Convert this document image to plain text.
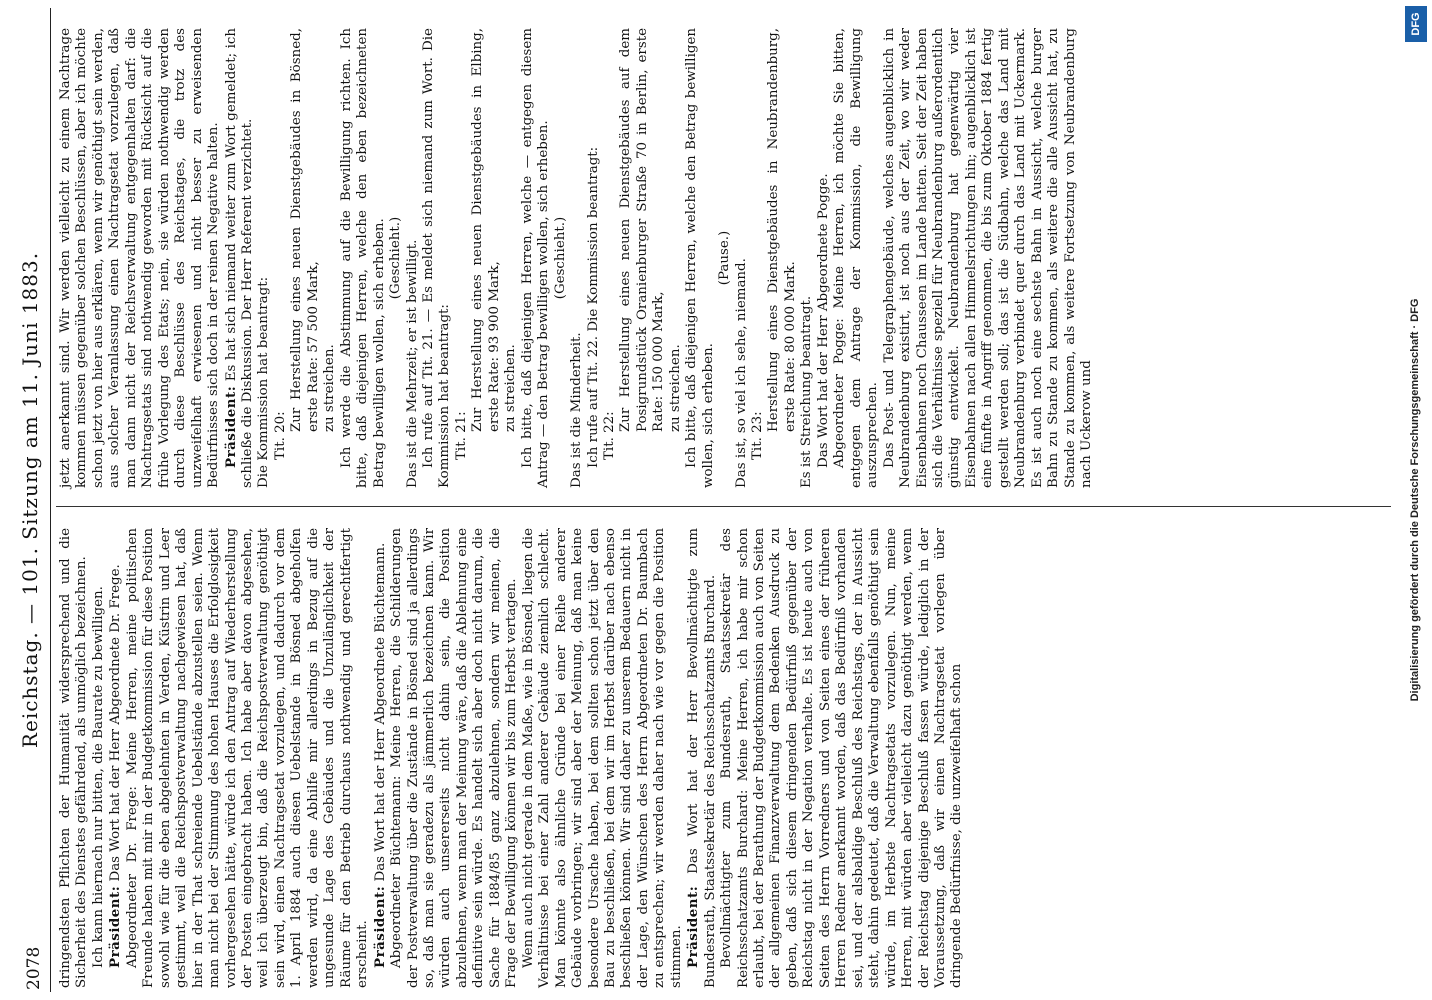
2078
Reichstag. — 101. Sitzung am 11. Juni 1883.

dringendsten Pflichten der Humanität widersprechend und die Sicherheit des Dienstes gefährdend, als unmöglich bezeichnen. Ich kann hiernach nur bitten, die Baurate zu bewilligen. Präsident: Das Wort hat der Herr Abgeordnete Dr. Frege. Abgeordneter Dr. Frege: Meine Herren, meine politischen Freunde haben mit mir in der Budgetkommission für diese Position sowohl wie für die eben abgelehnten in Verden, Küstrin und Leer gestimmt, weil die Reichspostverwaltung nachgewiesen hat, daß hier in der That schreiende Uebelstände abzustellen seien. Wenn man nicht bei der Stimmung des hohen Hauses die Erfolglosigkeit vorhergesehen hätte, würde ich den Antrag auf Wiederherstellung der Posten eingebracht haben. Ich habe aber davon abgesehen, weil ich überzeugt bin, daß die Reichspostverwaltung genöthigt sein wird, einen Nachtragsetat vorzulegen, und dadurch vor dem 1. April 1884 auch diesen Uebelstande in Bösned abgeholfen werden wird, da eine Abhilfe mir allerdings in Bezug auf die ungesunde Lage des Gebäudes und die Unzulänglichkeit der Räume für den Betrieb durchaus nothwendig und gerechtfertigt erscheint. Präsident: Das Wort hat der Herr Abgeordnete Büchtemann. Abgeordneter Büchtemann: Meine Herren, die Schilderungen der Postverwaltung über die Zustände in Bösned sind ja allerdings so, daß man sie geradezu als jämmerlich bezeichnen kann. Wir würden auch unsererseits nicht dahin sein, die Position abzulehnen, wenn man der Meinung wäre, daß die Ablehnung eine definitive sein würde. Es handelt sich aber doch nicht darum, die Sache für 1884/85 ganz abzulehnen, sondern wir meinen, die Frage der Bewilligung können wir bis zum Herbst vertagen. Wenn auch nicht gerade in dem Maße, wie in Bösned, liegen die Verhältnisse bei einer Zahl anderer Gebäude ziemlich schlecht. Man könnte also ähnliche Gründe bei einer Reihe anderer Gebäude vorbringen; wir sind aber der Meinung, daß man keine besondere Ursache haben, bei dem sollten schon jetzt über den Bau zu beschließen, bei dem wir im Herbst darüber nach ebenso beschließen können. Wir sind daher zu unserem Bedauern nicht in der Lage, den Wünschen des Herrn Abgeordneten Dr. Baumbach zu entsprechen; wir werden daher nach wie vor gegen die Position stimmen. Präsident: Das Wort hat der Herr Bevollmächtigte zum Bundesrath, Staatssekretär des Reichsschatzamts Burchard. Bevollmächtigter zum Bundesrath, Staatssekretär des Reichsschatzamts Burchard: Meine Herren, ich habe mir schon erlaubt, bei der Berathung der Budgetkommission auch von Seiten der allgemeinen Finanzverwaltung dem Bedenken Ausdruck zu geben, daß sich diesem dringenden Bedürfniß gegenüber der Reichstag nicht in der Negation verhalte. Es ist heute auch von Seiten des Herrn Vorredners und von Seiten eines der früheren Herren Redner anerkannt worden, daß das Bedürfniß vorhanden sei, und der alsbaldige Beschluß des Reichstags, der in Aussicht steht, dahin gedeutet, daß die Verwaltung ebenfalls genöthigt sein würde, im Herbste Nachtragsetats vorzulegen. Nun, meine Herren, mit würden aber vielleicht dazu genöthigt werden, wenn der Reichstag diejenige Beschluß fassen würde, lediglich in der Voraussetzung, daß wir einen Nachtragsetat vorlegen über dringende Bedürfnisse, die unzweifelhaft schon

jetzt anerkannt sind. Wir werden vielleicht zu einem Nachtrage kommen müssen gegenüber solchen Beschlüssen, aber ich möchte schon jetzt von hier aus erklären, wenn wir genöthigt sein werden, aus solcher Veranlassung einen Nachtragsetat vorzulegen, daß man dann nicht der Reichsverwaltung entgegenhalten darf: die Nachtragsetats sind nothwendig geworden mit Rücksicht auf die frühe Vorlegung des Etats; nein, sie würden nothwendig werden durch diese Beschlüsse des Reichstages, die trotz des unzweifelhaft erwiesenen und nicht besser zu erweisenden Bedürfnisses sich doch in der reinen Negative halten. Präsident: Es hat sich niemand weiter zum Wort gemeldet; ich schließe die Diskussion. Der Herr Referent verzichtet. Die Kommission hat beantragt: Tit. 20:

Zur Herstellung eines neuen Dienstgebäudes in Bösned, erste Rate: 57 500 Mark, zu streichen. Ich werde die Abstimmung auf die Bewilligung richten. Ich bitte, daß diejenigen Herren, welche den eben bezeichneten Betrag bewilligen wollen, sich erheben. (Geschieht.) Das ist die Mehrzeit; er ist bewilligt. Ich rufe auf Tit. 21. — Es meldet sich niemand zum Wort. Die Kommission hat beantragt: Tit. 21:

Zur Herstellung eines neuen Dienstgebäudes in Elbing, erste Rate: 93 900 Mark, zu streichen. Ich bitte, daß diejenigen Herren, welche — entgegen diesem Antrag — den Betrag bewilligen wollen, sich erheben. (Geschieht.)

Das ist die Minderheit. Ich rufe auf Tit. 22. Die Kommission beantragt: Tit. 22:

Zur Herstellung eines neuen Dienstgebäudes auf dem Posigrundstück Oranienburger Straße 70 in Berlin, erste Rate: 150 000 Mark, zu streichen. Ich bitte, daß diejenigen Herren, welche den Betrag bewilligen wollen, sich erheben.

(Pause.)

Das ist, so viel ich sehe, niemand. Tit. 23:

Herstellung eines Dienstgebäudes in Neubrandenburg, erste Rate: 80 000 Mark. Es ist Streichung beantragt. Das Wort hat der Herr Abgeordnete Pogge. Abgeordneter Pogge: Meine Herren, ich möchte Sie bitten, entgegen dem Antrage der Kommission, die Bewilligung auszusprechen. Das Post- und Telegraphengebäude, welches augenblicklich in Neubrandenburg existirt, ist noch aus der Zeit, wo wir weder Eisenbahnen noch Chausseen im Lande hatten. Seit der Zeit haben sich die Verhältnisse speziell für Neubrandenburg außerordentlich günstig entwickelt. Neubrandenburg hat gegenwärtig vier Eisenbahnen nach allen Himmelsrichtungen hin; augenblicklich ist eine fünfte in Angriff genommen, die bis zum Oktober 1884 fertig gestellt werden soll; das ist die Südbahn, welche das Land mit Neubrandenburg verbindet quer durch das Land mit Uckermark. Es ist auch noch eine sechste Bahn in Aussicht, welche burger Bahn zu Stande zu kommen, als weitere die alle Aussicht hat, zu Stande zu kommen, als weitere Fortsetzung von Neubrandenburg nach Uckerow und

DFG
Digitalisierung gefördert durch die Deutsche Forschungsgemeinschaft · DFG
